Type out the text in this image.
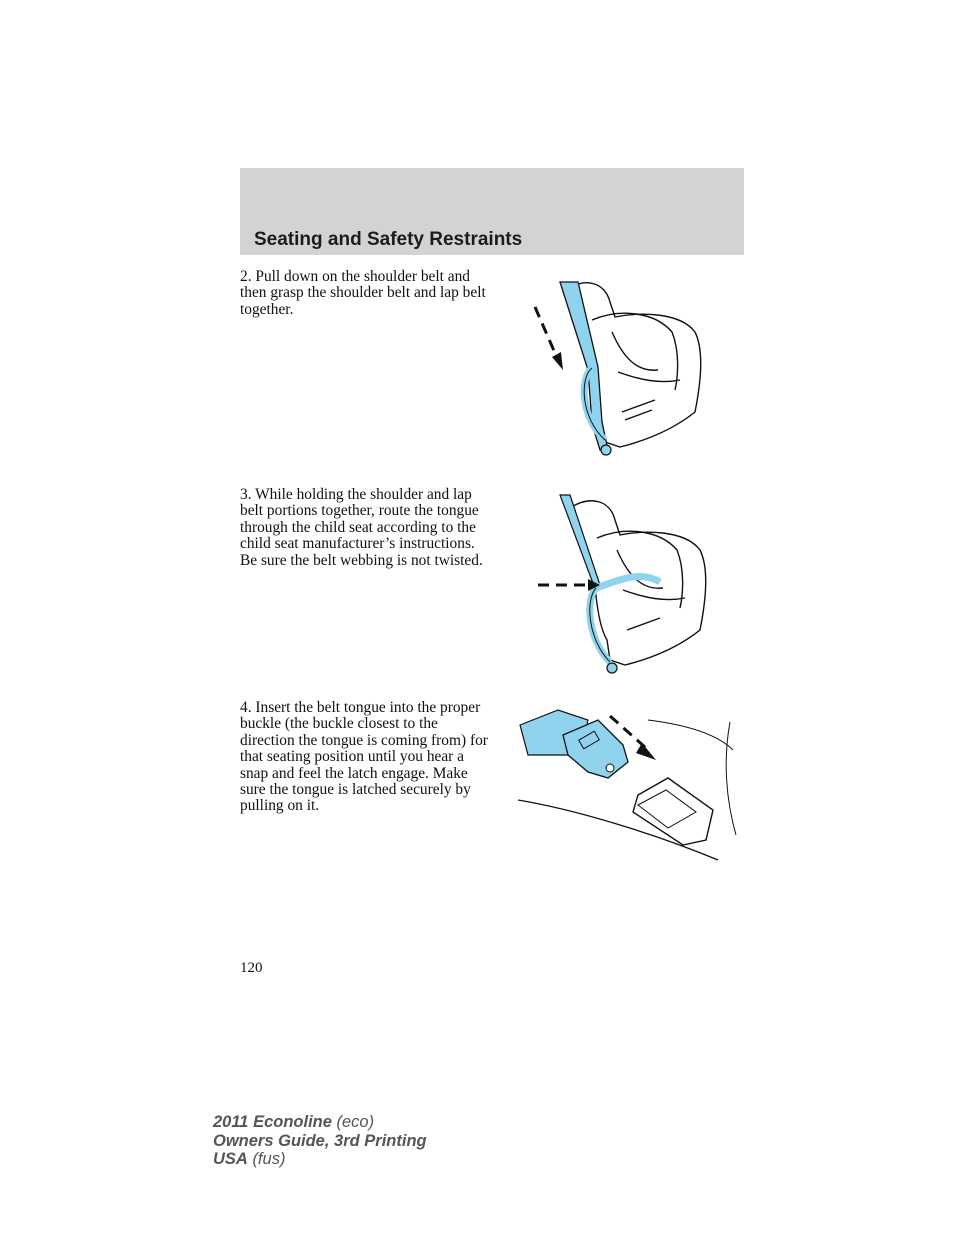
Seating and Safety Restraints

2. Pull down on the shoulder belt and then grasp the shoulder belt and lap belt together.

3. While holding the shoulder and lap belt portions together, route the tongue through the child seat according to the child seat manufacturer’s instructions. Be sure the belt webbing is not twisted.

4. Insert the belt tongue into the proper buckle (the buckle closest to the direction the tongue is coming from) for that seating position until you hear a snap and feel the latch engage. Make sure the tongue is latched securely by pulling on it.

120
2011 Econoline (eco)
Owners Guide, 3rd Printing
USA (fus)
